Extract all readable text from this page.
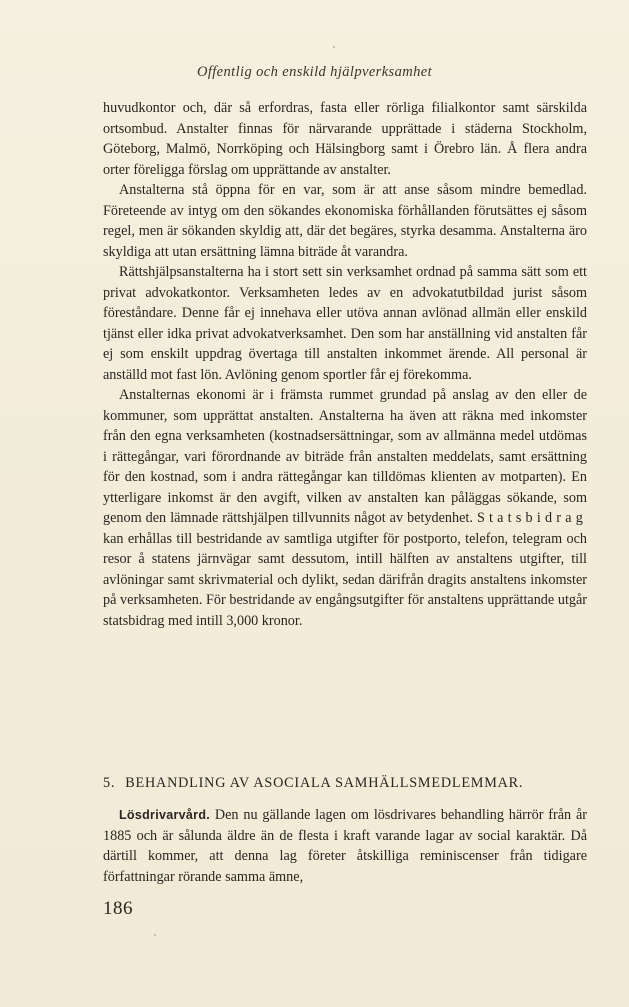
Offentlig och enskild hjälpverksamhet

huvudkontor och, där så erfordras, fasta eller rörliga filialkontor samt särskilda ortsombud. Anstalter finnas för närvarande upprättade i städerna Stockholm, Göteborg, Malmö, Norrköping och Hälsingborg samt i Örebro län. Å flera andra orter föreligga förslag om upprättande av anstalter.

Anstalterna stå öppna för en var, som är att anse såsom mindre bemedlad. Företeende av intyg om den sökandes ekonomiska förhållanden förutsättes ej såsom regel, men är sökanden skyldig att, där det begäres, styrka desamma. Anstalterna äro skyldiga att utan ersättning lämna biträde åt varandra.

Rättshjälpsanstalterna ha i stort sett sin verksamhet ordnad på samma sätt som ett privat advokatkontor. Verksamheten ledes av en advokatutbildad jurist såsom föreståndare. Denne får ej innehava eller utöva annan avlönad allmän eller enskild tjänst eller idka privat advokatverksamhet. Den som har anställning vid anstalten får ej som enskilt uppdrag övertaga till anstalten inkommet ärende. All personal är anställd mot fast lön. Avlöning genom sportler får ej förekomma.

Anstalternas ekonomi är i främsta rummet grundad på anslag av den eller de kommuner, som upprättat anstalten. Anstalterna ha även att räkna med inkomster från den egna verksamheten (kostnadsersättningar, som av allmänna medel utdömas i rättegångar, vari förordnande av biträde från anstalten meddelats, samt ersättning för den kostnad, som i andra rättegångar kan tilldömas klienten av motparten). En ytterligare inkomst är den avgift, vilken av anstalten kan påläggas sökande, som genom den lämnade rättshjälpen tillvunnits något av betydenhet. Statsbidrag kan erhållas till bestridande av samtliga utgifter för postporto, telefon, telegram och resor å statens järnvägar samt dessutom, intill hälften av anstaltens utgifter, till avlöningar samt skrivmaterial och dylikt, sedan därifrån dragits anstaltens inkomster på verksamheten. För bestridande av engångsutgifter för anstaltens upprättande utgår statsbidrag med intill 3,000 kronor.

5. BEHANDLING AV ASOCIALA SAMHÄLLSMEDLEMMAR.

Lösdrivarvård. Den nu gällande lagen om lösdrivares behandling härrör från år 1885 och är sålunda äldre än de flesta i kraft varande lagar av social karaktär. Då därtill kommer, att denna lag företer åtskilliga reminiscenser från tidigare författningar rörande samma ämne,

186
